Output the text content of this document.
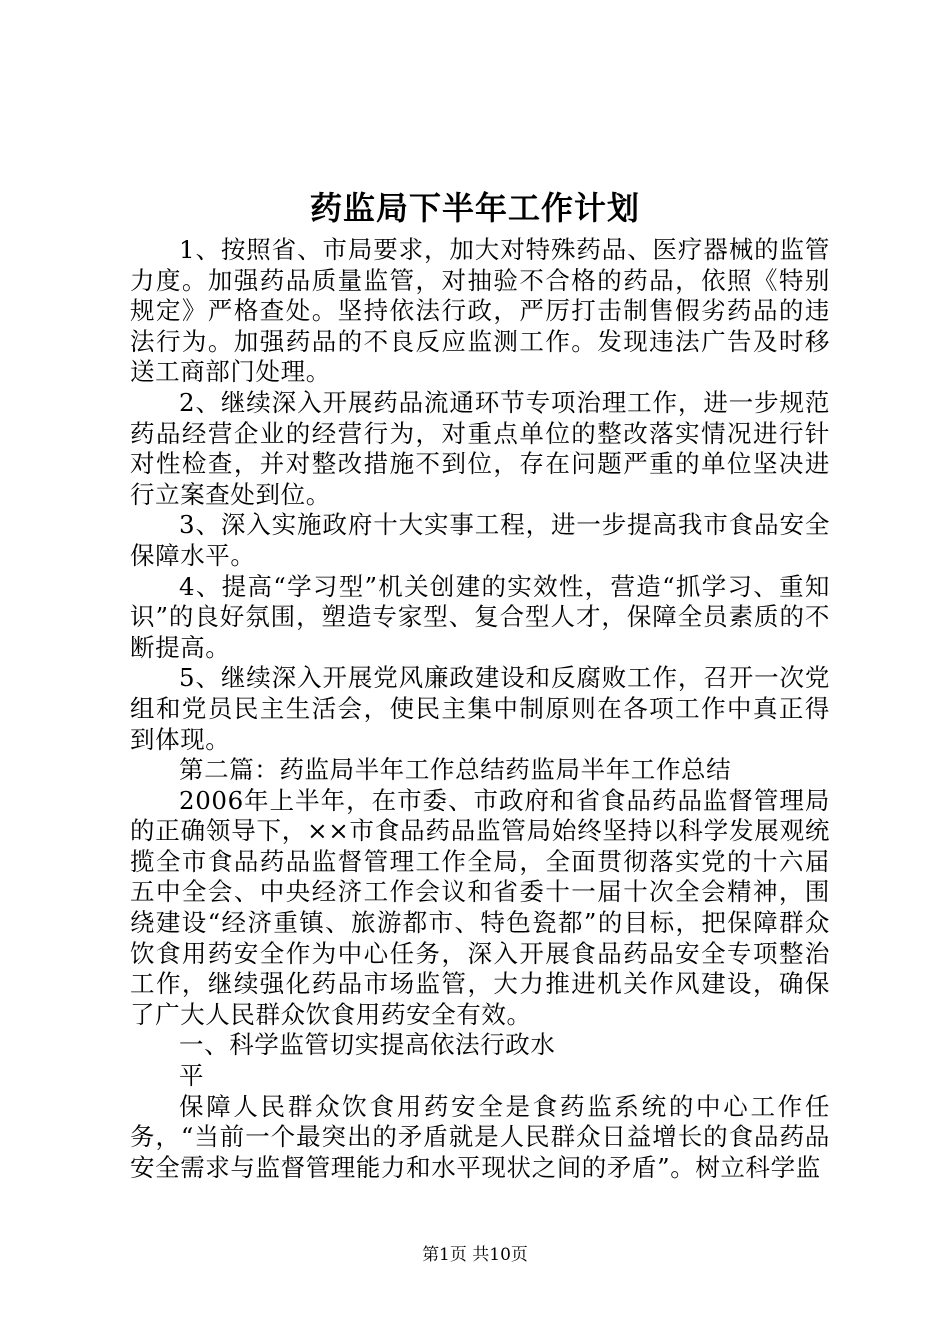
药监局下半年工作计划

1、按照省、市局要求，加大对特殊药品、医疗器械的监管力度。加强药品质量监管，对抽验不合格的药品，依照《特别规定》严格查处。坚持依法行政，严厉打击制售假劣药品的违法行为。加强药品的不良反应监测工作。发现违法广告及时移送工商部门处理。

2、继续深入开展药品流通环节专项治理工作，进一步规范药品经营企业的经营行为，对重点单位的整改落实情况进行针对性检查，并对整改措施不到位，存在问题严重的单位坚决进行立案查处到位。

3、深入实施政府十大实事工程，进一步提高我市食品安全保障水平。

4、提高“学习型”机关创建的实效性，营造“抓学习、重知识”的良好氛围，塑造专家型、复合型人才，保障全员素质的不断提高。

5、继续深入开展党风廉政建设和反腐败工作，召开一次党组和党员民主生活会，使民主集中制原则在各项工作中真正得到体现。

第二篇：药监局半年工作总结药监局半年工作总结

2006年上半年，在市委、市政府和省食品药品监督管理局的正确领导下，××市食品药品监管局始终坚持以科学发展观统揽全市食品药品监督管理工作全局，全面贯彻落实党的十六届五中全会、中央经济工作会议和省委十一届十次全会精神，围绕建设“经济重镇、旅游都市、特色瓷都”的目标，把保障群众饮食用药安全作为中心任务，深入开展食品药品安全专项整治工作，继续强化药品市场监管，大力推进机关作风建设，确保了广大人民群众饮食用药安全有效。

一、科学监管切实提高依法行政水

平

保障人民群众饮食用药安全是食药监系统的中心工作任务，“当前一个最突出的矛盾就是人民群众日益增长的食品药品安全需求与监督管理能力和水平现状之间的矛盾”。树立科学监

第1页 共10页
